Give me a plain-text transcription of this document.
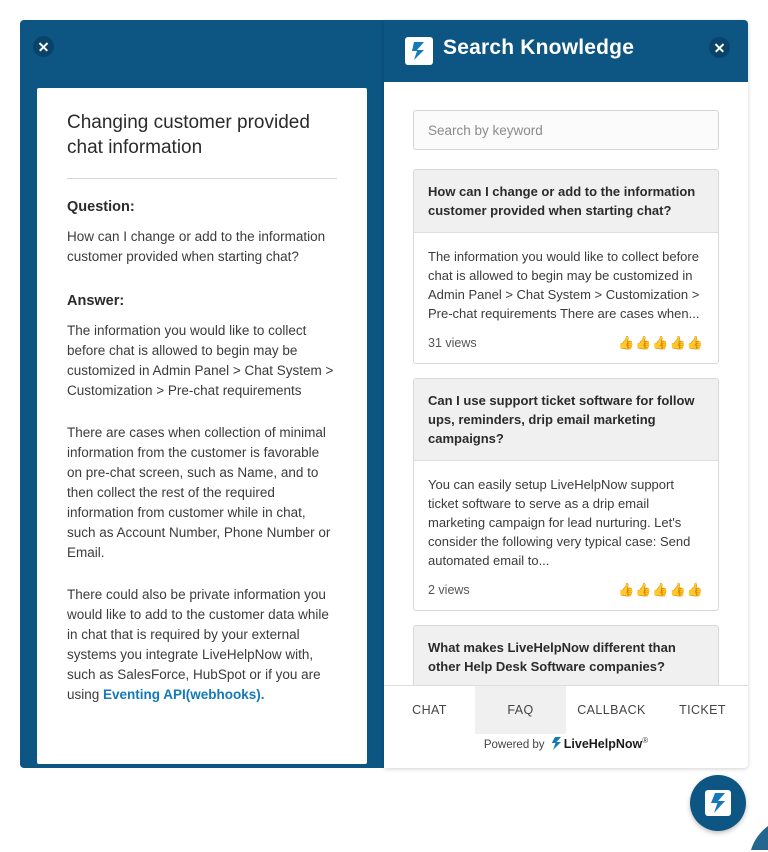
Changing customer provided chat information
Question:

How can I change or add to the information customer provided when starting chat?

Answer:

The information you would like to collect before chat is allowed to begin may be customized in Admin Panel > Chat System > Customization > Pre-chat requirements

There are cases when collection of minimal information from the customer is favorable on pre-chat screen, such as Name, and to then collect the rest of the required information from customer while in chat, such as Account Number, Phone Number or Email.

There could also be private information you would like to add to the customer data while in chat that is required by your external systems you integrate LiveHelpNow with, such as SalesForce, HubSpot or if you are using Eventing API(webhooks).

Search Knowledge
Search by keyword
How can I change or add to the information customer provided when starting chat?

The information you would like to collect before chat is allowed to begin may be customized in Admin Panel > Chat System > Customization > Pre-chat requirements There are cases when...

31 views	👍👍👍👍👍
Can I use support ticket software for follow ups, reminders, drip email marketing campaigns?

You can easily setup LiveHelpNow support ticket software to serve as a drip email marketing campaign for lead nurturing. Let's consider the following very typical case: Send automated email to...

2 views	👍👍👍👍👍
What makes LiveHelpNow different than other Help Desk Software companies?

CHAT	FAQ	CALLBACK	TICKET
Powered by LiveHelpNow®
